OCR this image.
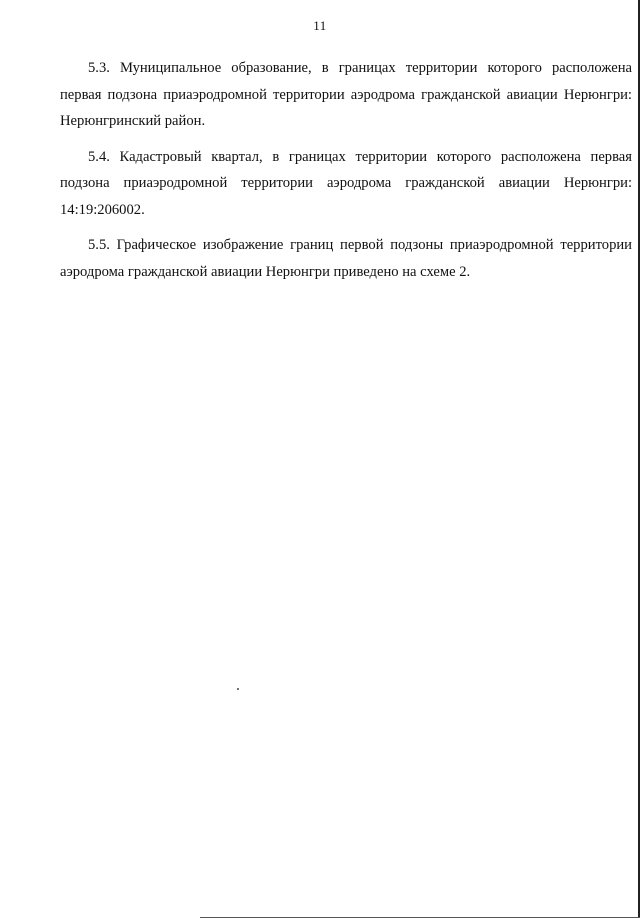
11

5.3. Муниципальное образование, в границах территории которого расположена первая подзона приаэродромной территории аэродрома гражданской авиации Нерюнгри: Нерюнгринский район.

5.4. Кадастровый квартал, в границах территории которого расположена первая подзона приаэродромной территории аэродрома гражданской авиации Нерюнгри: 14:19:206002.

5.5. Графическое изображение границ первой подзоны приаэродромной территории аэродрома гражданской авиации Нерюнгри приведено на схеме 2.
